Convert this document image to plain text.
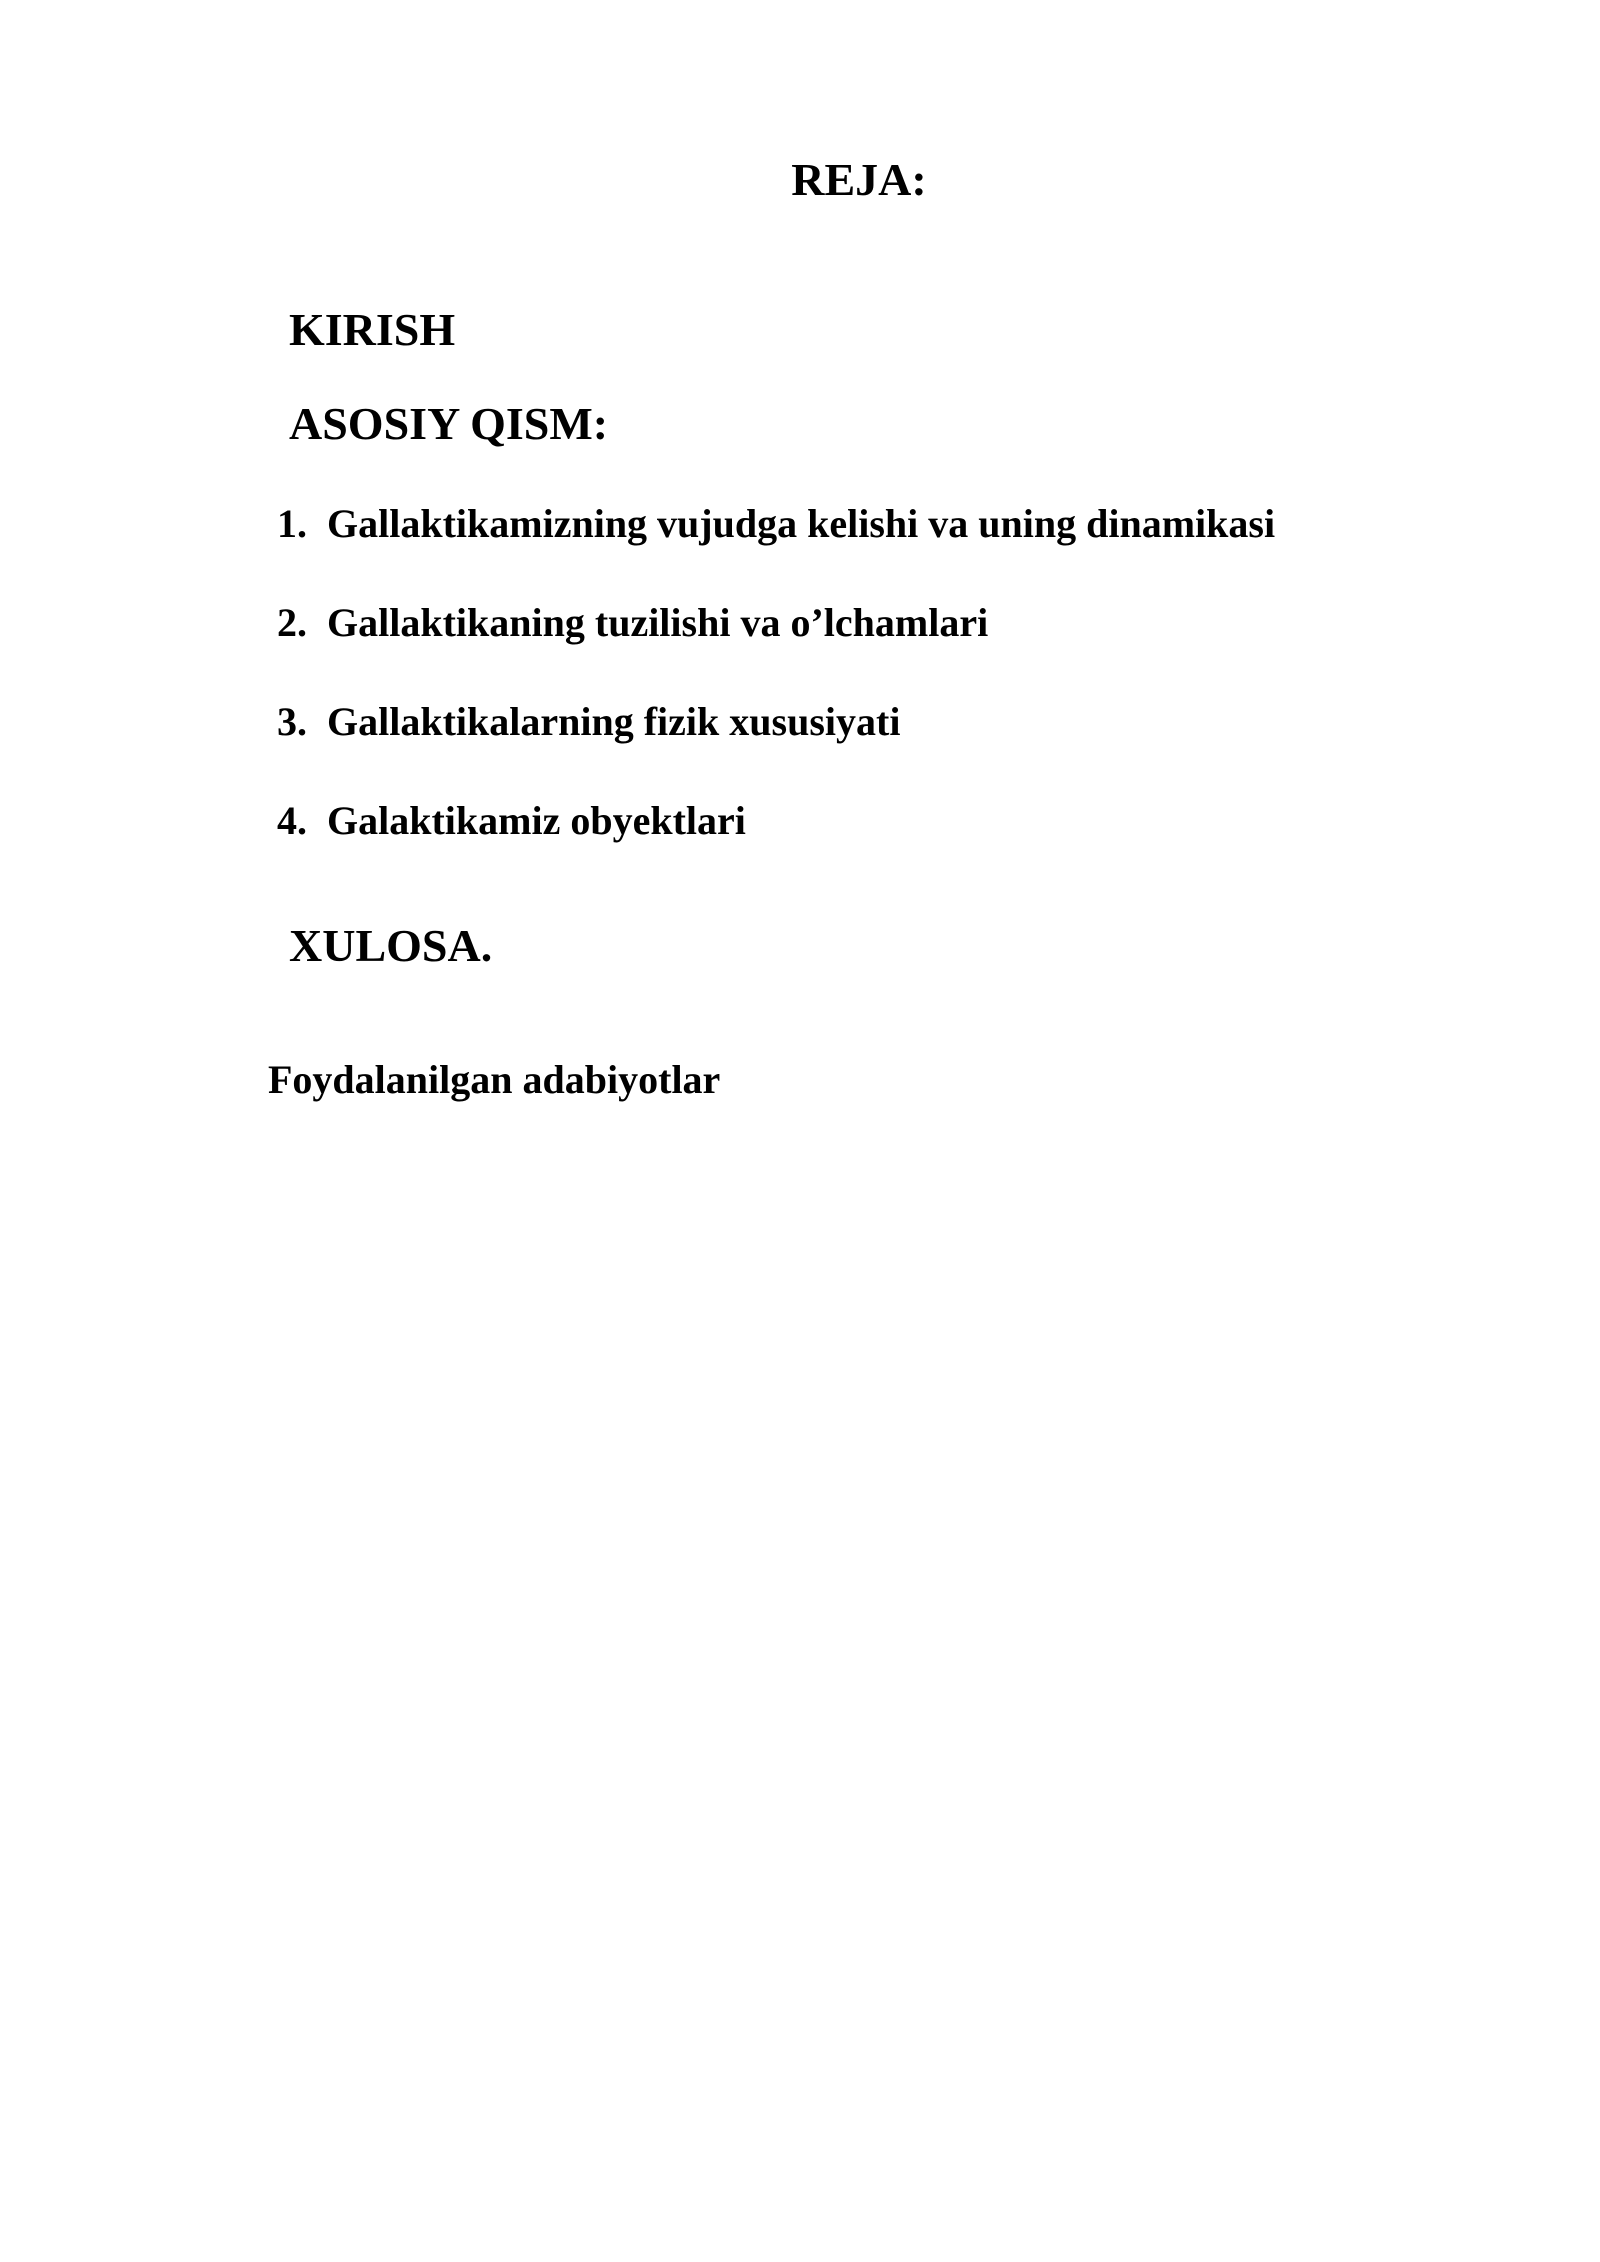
REJA:
KIRISH
ASOSIY QISM:
1. Gallaktikamizning vujudga kelishi va uning dinamikasi
2. Gallaktikaning tuzilishi va o’lchamlari
3. Gallaktikalarning fizik xususiyati
4. Galaktikamiz obyektlari
XULOSA.
Foydalanilgan adabiyotlar
